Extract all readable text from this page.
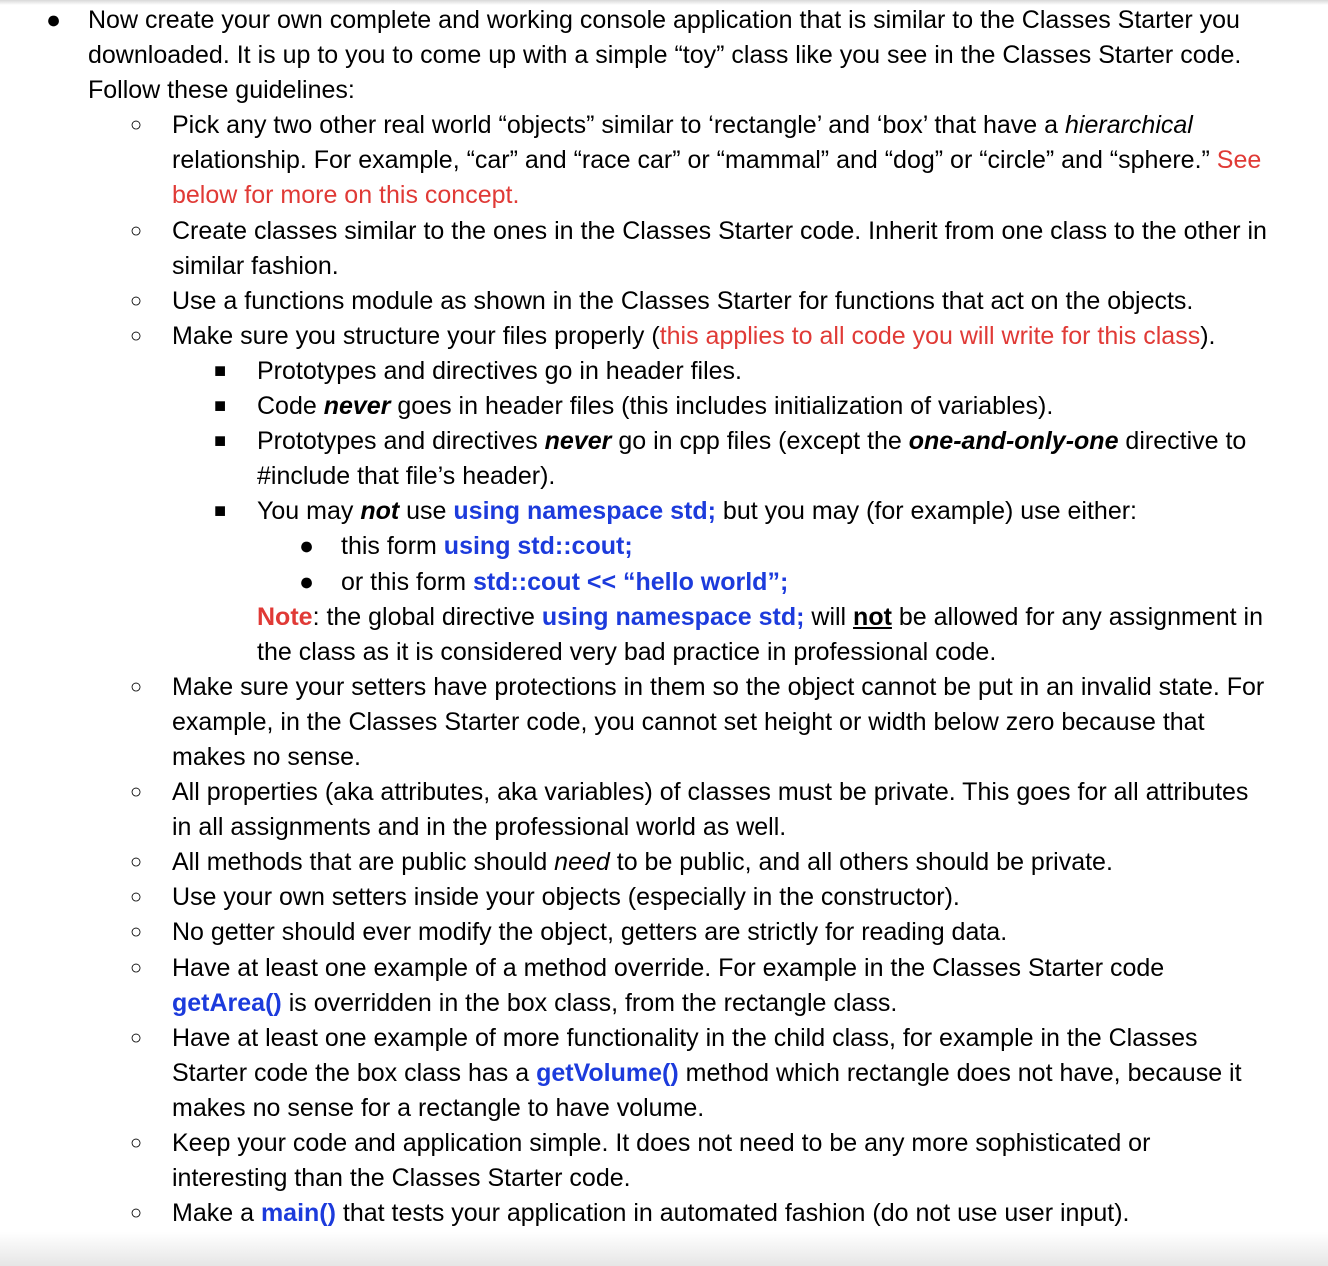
● Now create your own complete and working console application that is similar to the Classes Starter you downloaded. It is up to you to come up with a simple “toy” class like you see in the Classes Starter code. Follow these guidelines:
○ Pick any two other real world “objects” similar to ‘rectangle’ and ‘box’ that have a hierarchical relationship. For example, “car” and “race car” or “mammal” and “dog” or “circle” and “sphere.” See below for more on this concept.
○ Create classes similar to the ones in the Classes Starter code. Inherit from one class to the other in similar fashion.
○ Use a functions module as shown in the Classes Starter for functions that act on the objects.
○ Make sure you structure your files properly (this applies to all code you will write for this class).
■ Prototypes and directives go in header files.
■ Code never goes in header files (this includes initialization of variables).
■ Prototypes and directives never go in cpp files (except the one-and-only-one directive to #include that file’s header).
■ You may not use using namespace std; but you may (for example) use either:
● this form using std::cout;
● or this form std::cout << “hello world”;
Note: the global directive using namespace std; will not be allowed for any assignment in the class as it is considered very bad practice in professional code.
○ Make sure your setters have protections in them so the object cannot be put in an invalid state. For example, in the Classes Starter code, you cannot set height or width below zero because that makes no sense.
○ All properties (aka attributes, aka variables) of classes must be private. This goes for all attributes in all assignments and in the professional world as well.
○ All methods that are public should need to be public, and all others should be private.
○ Use your own setters inside your objects (especially in the constructor).
○ No getter should ever modify the object, getters are strictly for reading data.
○ Have at least one example of a method override. For example in the Classes Starter code getArea() is overridden in the box class, from the rectangle class.
○ Have at least one example of more functionality in the child class, for example in the Classes Starter code the box class has a getVolume() method which rectangle does not have, because it makes no sense for a rectangle to have volume.
○ Keep your code and application simple. It does not need to be any more sophisticated or interesting than the Classes Starter code.
○ Make a main() that tests your application in automated fashion (do not use user input).
